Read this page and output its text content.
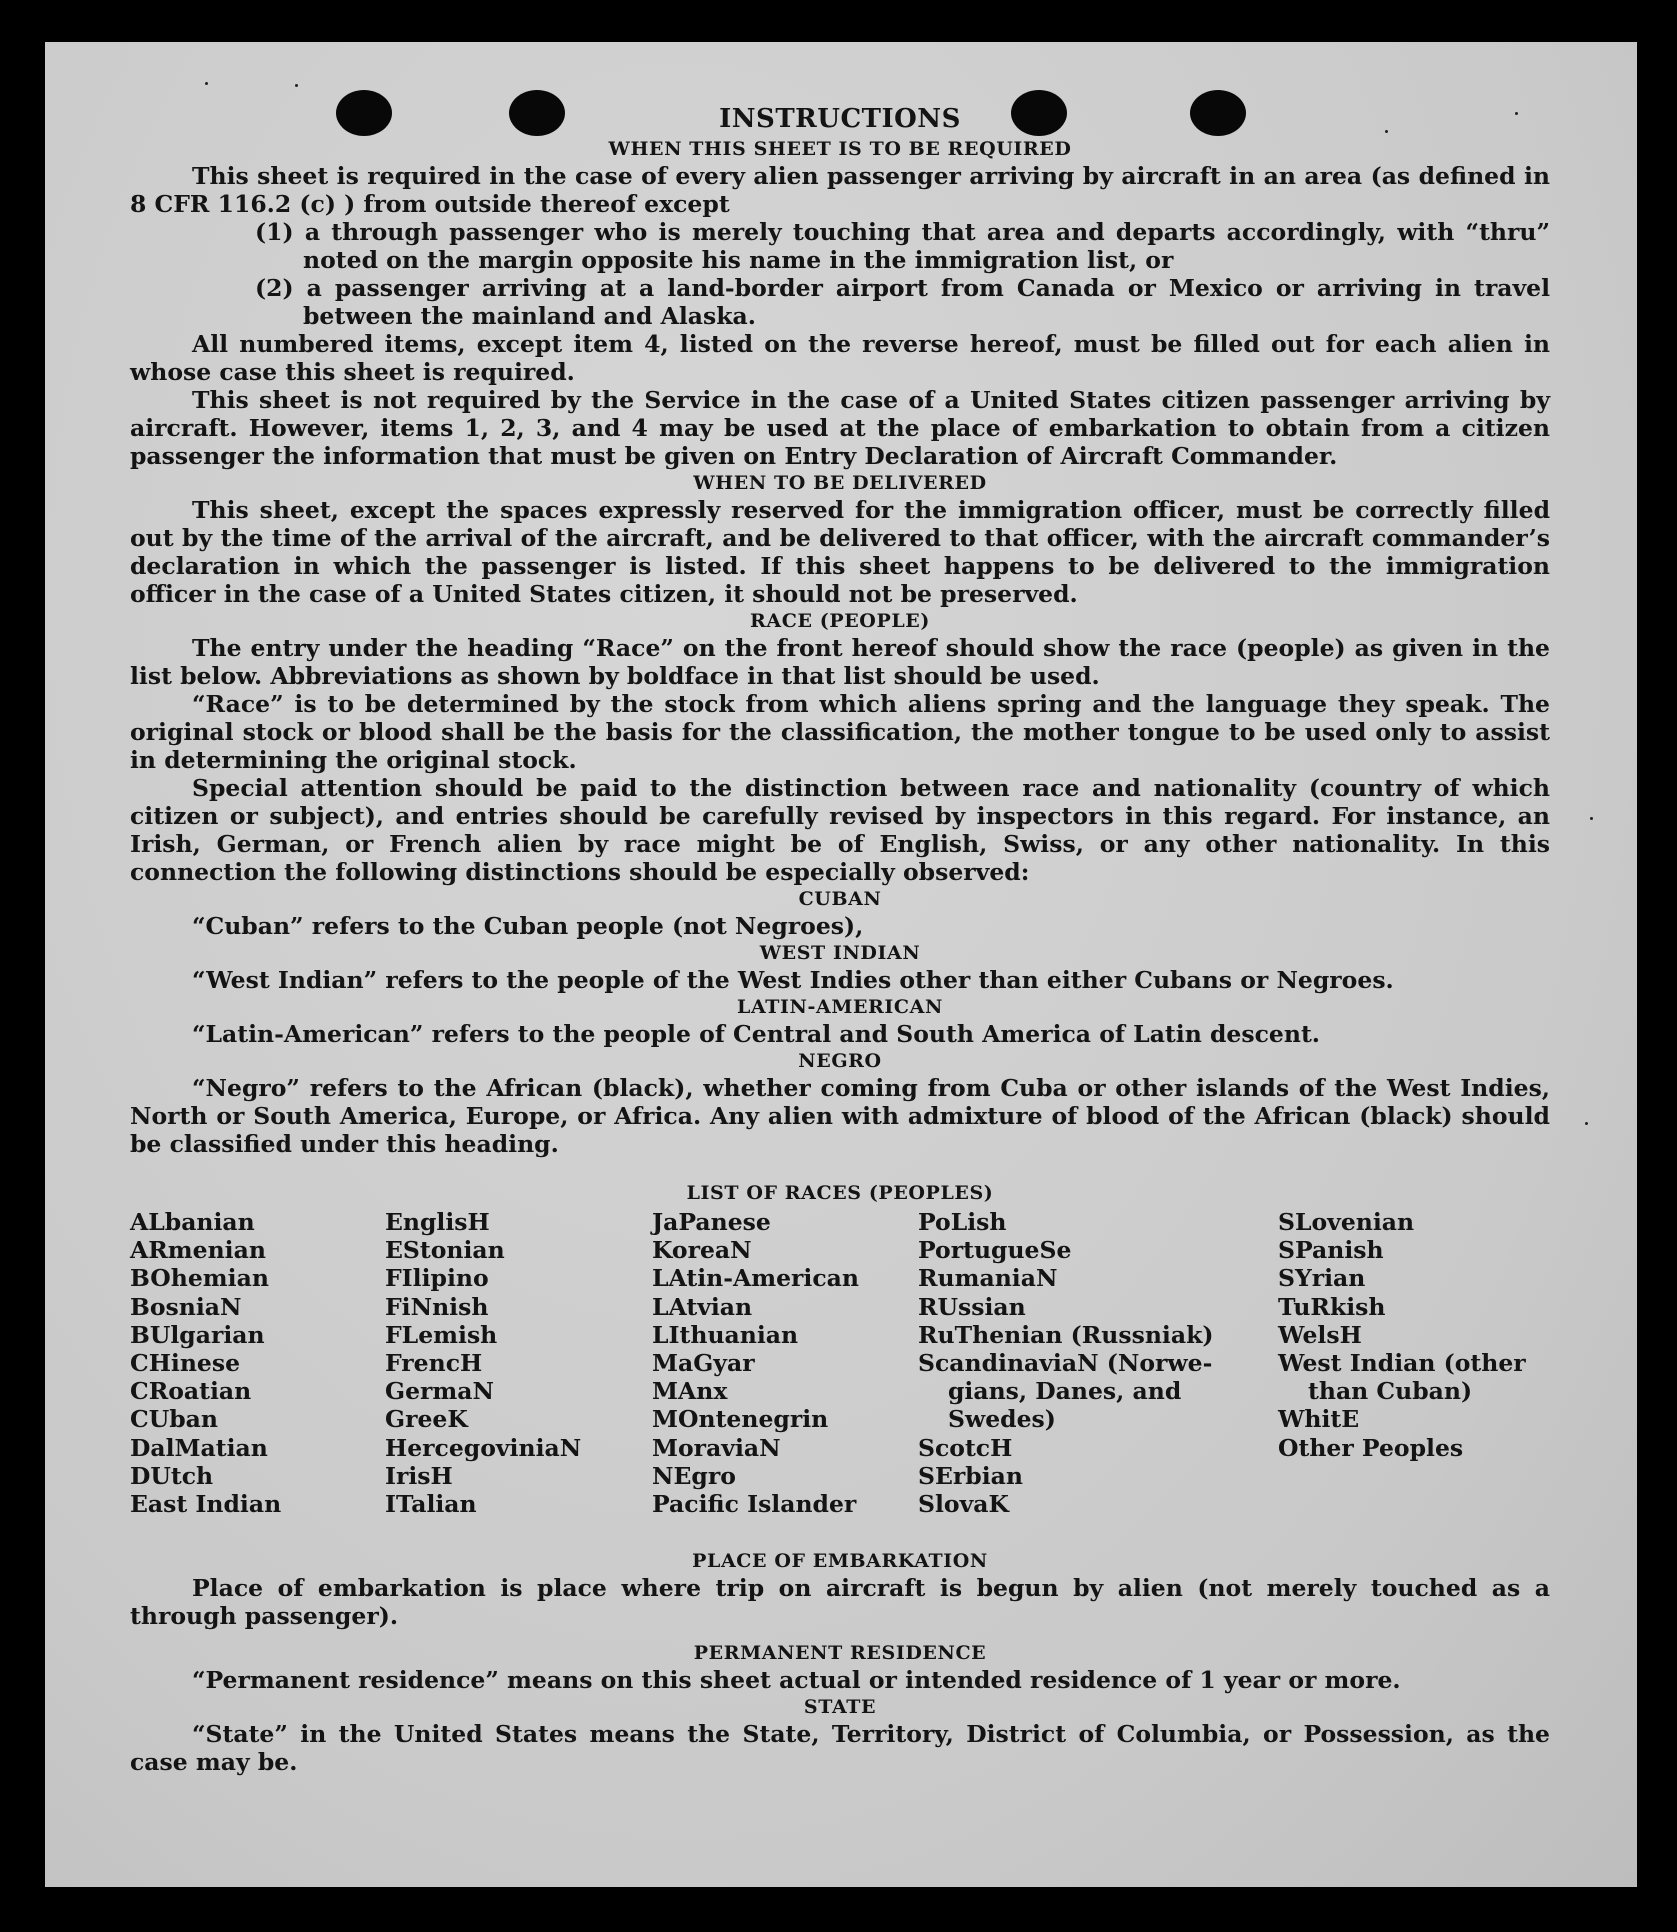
INSTRUCTIONS
WHEN THIS SHEET IS TO BE REQUIRED

This sheet is required in the case of every alien passenger arriving by aircraft in an area (as defined in 8 CFR 116.2 (c) ) from outside thereof except

(1) a through passenger who is merely touching that area and departs accordingly, with “thru” noted on the margin opposite his name in the immigration list, or

(2) a passenger arriving at a land-border airport from Canada or Mexico or arriving in travel between the mainland and Alaska.

All numbered items, except item 4, listed on the reverse hereof, must be filled out for each alien in whose case this sheet is required.

This sheet is not required by the Service in the case of a United States citizen passenger arriving by aircraft. However, items 1, 2, 3, and 4 may be used at the place of embarkation to obtain from a citizen passenger the information that must be given on Entry Declaration of Aircraft Commander.

WHEN TO BE DELIVERED

This sheet, except the spaces expressly reserved for the immigration officer, must be correctly filled out by the time of the arrival of the aircraft, and be delivered to that officer, with the aircraft commander’s declaration in which the passenger is listed. If this sheet happens to be delivered to the immigration officer in the case of a United States citizen, it should not be preserved.

RACE (PEOPLE)

The entry under the heading “Race” on the front hereof should show the race (people) as given in the list below. Abbreviations as shown by boldface in that list should be used.

“Race” is to be determined by the stock from which aliens spring and the language they speak. The original stock or blood shall be the basis for the classification, the mother tongue to be used only to assist in determining the original stock.

Special attention should be paid to the distinction between race and nationality (country of which citizen or subject), and entries should be carefully revised by inspectors in this regard. For instance, an Irish, German, or French alien by race might be of English, Swiss, or any other nationality. In this connection the following distinctions should be especially observed:

CUBAN

“Cuban” refers to the Cuban people (not Negroes),

WEST INDIAN

“West Indian” refers to the people of the West Indies other than either Cubans or Negroes.

LATIN-AMERICAN

“Latin-American” refers to the people of Central and South America of Latin descent.

NEGRO

“Negro” refers to the African (black), whether coming from Cuba or other islands of the West Indies, North or South America, Europe, or Africa. Any alien with admixture of blood of the African (black) should be classified under this heading.

LIST OF RACES (PEOPLES)
ALbanian
ARmenian
BOhemian
BosniaN
BUlgarian
CHinese
CRoatian
CUban
DalMatian
DUtch
East Indian
EnglisH
EStonian
FIlipino
FiNnish
FLemish
FrencH
GermaN
GreeK
HercegoviniaN
IrisH
ITalian
JaPanese
KoreaN
LAtin-American
LAtvian
LIthuanian
MaGyar
MAnx
MOntenegrin
MoraviaN
NEgro
Pacific Islander
PoLish
PortugueSe
RumaniaN
RUssian
RuThenian (Russniak)
ScandinaviaN (Norwe-
gians, Danes, and
Swedes)
ScotcH
SErbian
SlovaK
SLovenian
SPanish
SYrian
TuRkish
WelsH
West Indian (other
than Cuban)
WhitE
Other Peoples
PLACE OF EMBARKATION

Place of embarkation is place where trip on aircraft is begun by alien (not merely touched as a through passenger).

PERMANENT RESIDENCE

“Permanent residence” means on this sheet actual or intended residence of 1 year or more.

STATE

“State” in the United States means the State, Territory, District of Columbia, or Possession, as the case may be.
